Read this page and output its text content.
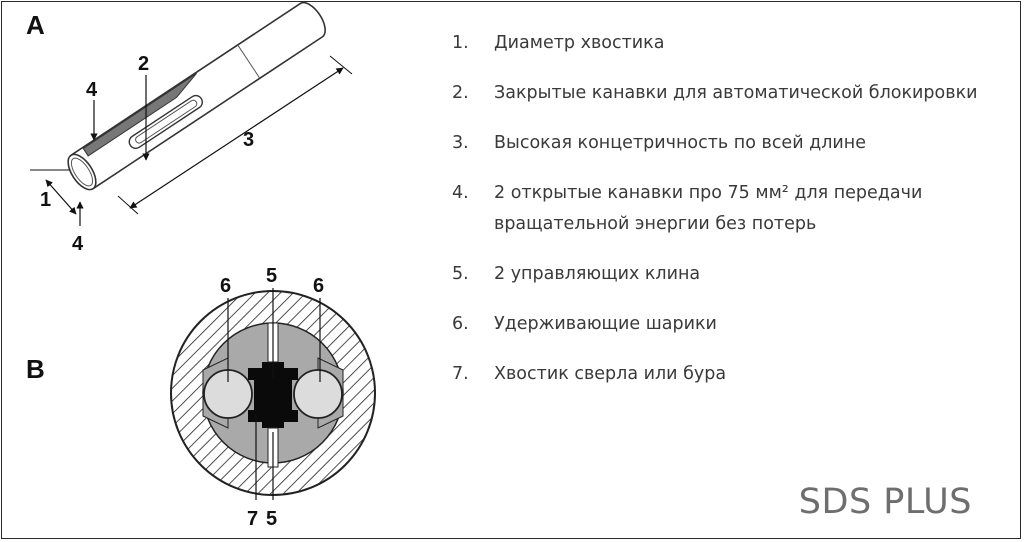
A
3
1
2
4
4
B
6 5 6
7 5
1.	Диаметр хвостика
2.	Закрытые канавки для автоматической блокировки
3.	Высокая концетричность по всей длине
4.	2 открытые канавки про 75 мм² для передачи вращательной энергии без потерь
5.	2 управляющих клина
6.	Удерживающие шарики
7.	Хвостик сверла или бура
SDS PLUS
